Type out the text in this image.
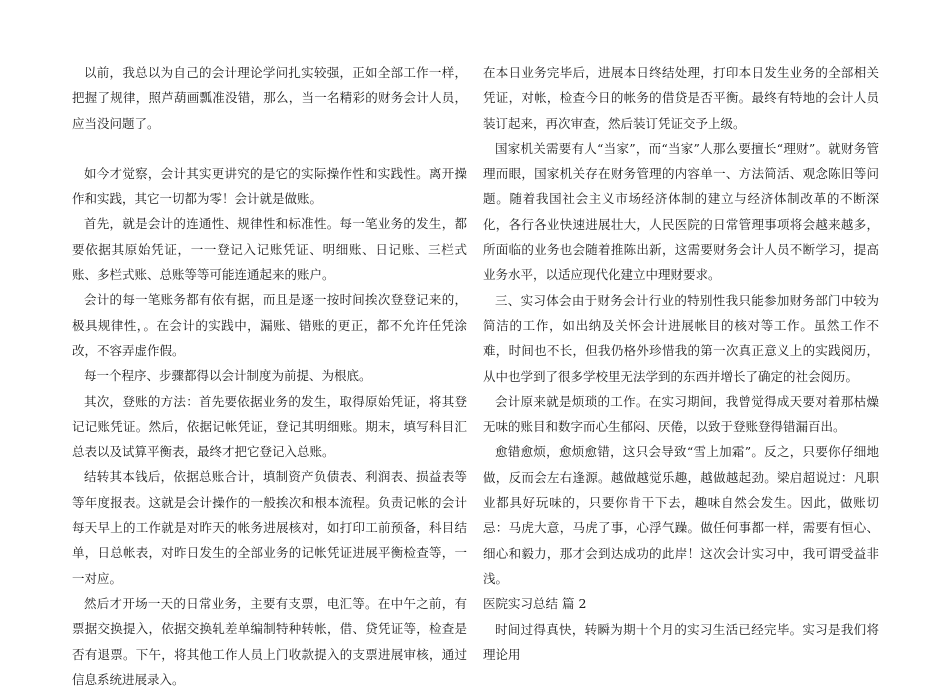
以前，我总以为自己的会计理论学问扎实较强，正如全部工作一样，把握了规律，照芦葫画瓢准没错，那么，当一名精彩的财务会计人员，应当没问题了。

如今才觉察，会计其实更讲究的是它的实际操作性和实践性。离开操作和实践，其它一切都为零！会计就是做账。

首先，就是会计的连通性、规律性和标准性。每一笔业务的发生，都要依据其原始凭证，一一登记入记账凭证、明细账、日记账、三栏式账、多栏式账、总账等等可能连通起来的账户。

会计的每一笔账务都有依有据，而且是逐一按时间挨次登登记来的，极具规律性，。在会计的实践中，漏账、错账的更正，都不允许任凭涂改，不容弄虚作假。

每一个程序、步骤都得以会计制度为前提、为根底。

其次，登账的方法：首先要依据业务的发生，取得原始凭证，将其登记记账凭证。然后，依据记帐凭证，登记其明细账。期末，填写科目汇总表以及试算平衡表，最终才把它登记入总账。

结转其本钱后，依据总账合计，填制资产负债表、利润表、损益表等等年度报表。这就是会计操作的一般挨次和根本流程。负责记帐的会计每天早上的工作就是对昨天的帐务进展核对，如打印工前预备，科目结单，日总帐表，对昨日发生的全部业务的记帐凭证进展平衡检查等，一一对应。

然后才开场一天的日常业务，主要有支票，电汇等。在中午之前，有票据交换提入，依据交换轧差单编制特种转帐，借、贷凭证等，检查是否有退票。下午，将其他工作人员上门收款提入的支票进展审核，通过信息系统进展录入。

在本日业务完毕后，进展本日终结处理，打印本日发生业务的全部相关凭证，对帐，检查今日的帐务的借贷是否平衡。最终有特地的会计人员装订起来，再次审查，然后装订凭证交予上级。

国家机关需要有人“当家”，而“当家”人那么要擅长“理财”。就财务管理而眼，国家机关存在财务管理的内容单一、方法简活、观念陈旧等问题。随着我国社会主义市场经济体制的建立与经济体制改革的不断深化，各行各业快速进展壮大，人民医院的日常管理事项将会越来越多，所面临的业务也会随着推陈出新，这需要财务会计人员不断学习，提高业务水平，以适应现代化建立中理财要求。

三、实习体会由于财务会计行业的特别性我只能参加财务部门中较为简洁的工作，如出纳及关怀会计进展帐目的核对等工作。虽然工作不难，时间也不长，但我仍格外珍惜我的第一次真正意义上的实践阅历，从中也学到了很多学校里无法学到的东西并增长了确定的社会阅历。

会计原来就是烦琐的工作。在实习期间，我曾觉得成天要对着那枯燥无味的账目和数字而心生郁闷、厌倦，以致于登账登得错漏百出。

愈错愈烦，愈烦愈错，这只会导致“雪上加霜”。反之，只要你仔细地做，反而会左右逢源。越做越觉乐趣，越做越起劲。梁启超说过：凡职业都具好玩味的，只要你肯干下去，趣味自然会发生。因此，做账切忌：马虎大意，马虎了事，心浮气躁。做任何事都一样，需要有恒心、细心和毅力，那才会到达成功的此岸！这次会计实习中，我可谓受益非浅。

医院实习总结 篇 2

时间过得真快，转瞬为期十个月的实习生活已经完毕。实习是我们将理论用
